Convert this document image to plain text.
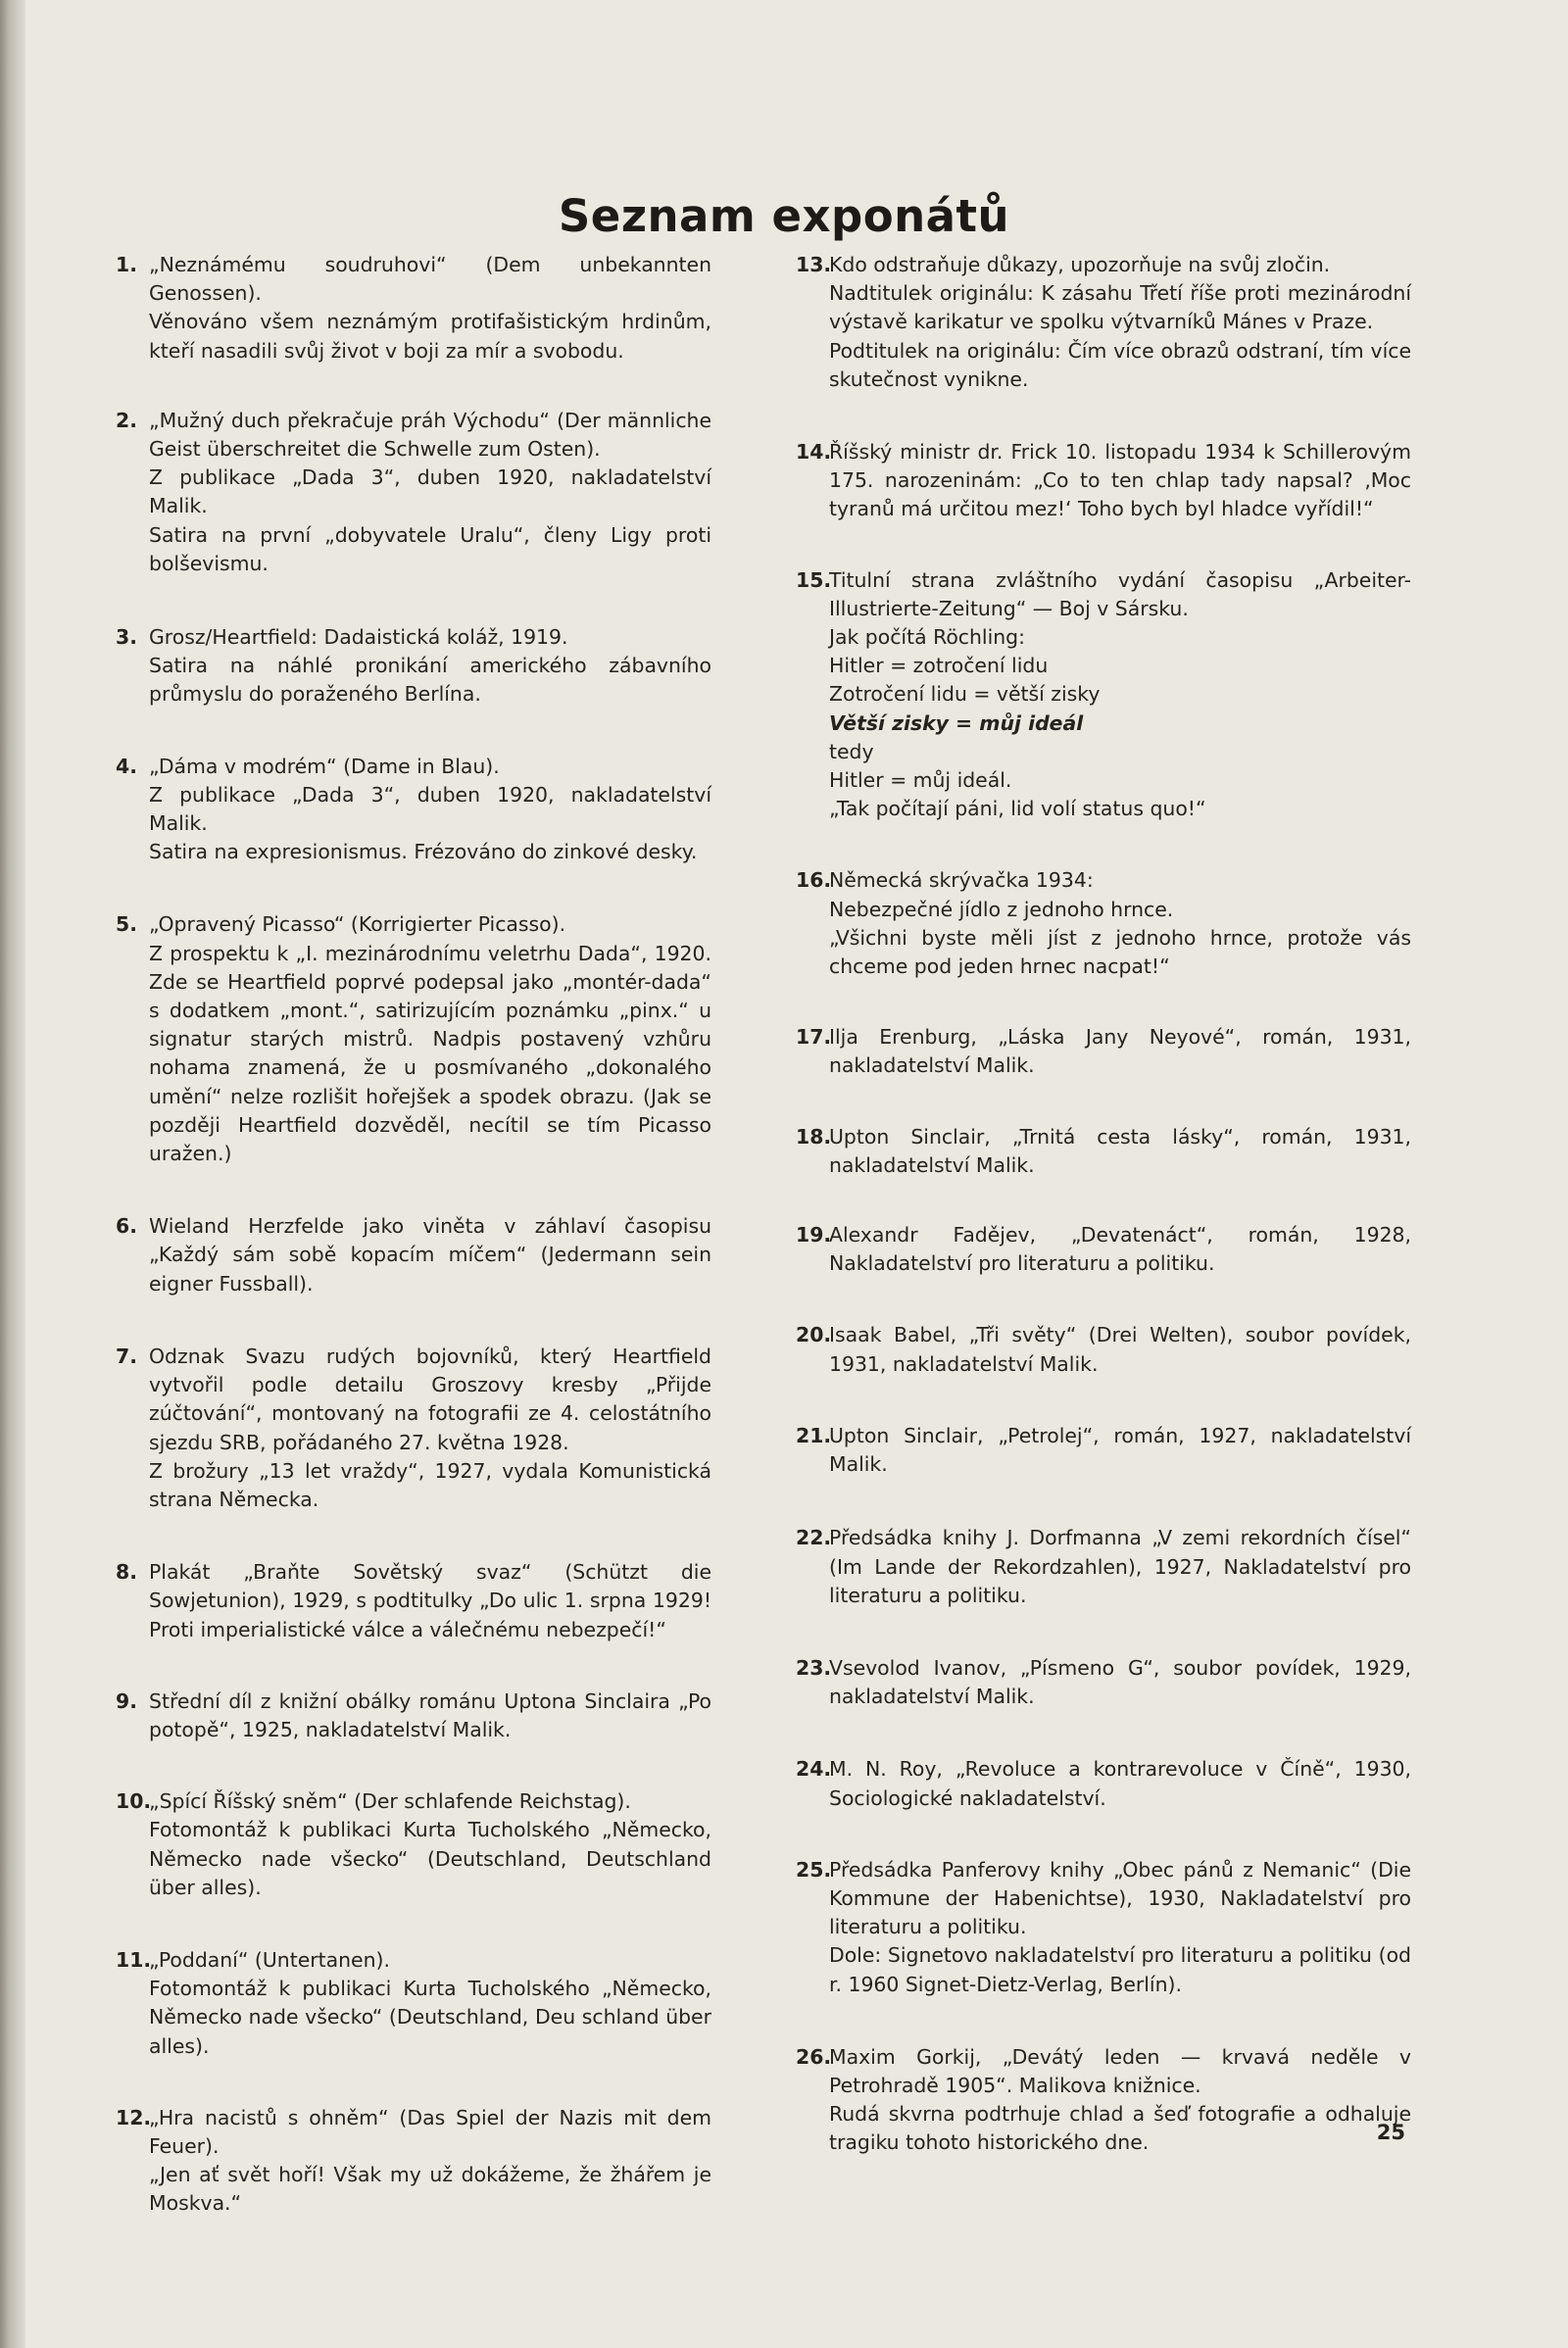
Seznam exponátů
1. „Neznámému soudruhovi“ (Dem unbekannten Genossen).
Věnováno všem neznámým protifašistickým hrdinům, kteří nasadili svůj život v boji za mír a svobodu.
2. „Mužný duch překračuje práh Východu“ (Der männliche Geist überschreitet die Schwelle zum Osten).
Z publikace „Dada 3“, duben 1920, nakladatelství Malik.
Satira na první „dobyvatele Uralu“, členy Ligy proti bolševismu.
3. Grosz/Heartfield: Dadaistická koláž, 1919.
Satira na náhlé pronikání amerického zábavního průmyslu do poraženého Berlína.
4. „Dáma v modrém“ (Dame in Blau).
Z publikace „Dada 3“, duben 1920, nakladatelství Malik.
Satira na expresionismus. Frézováno do zinkové desky.
5. „Opravený Picasso“ (Korrigierter Picasso).
Z prospektu k „I. mezinárodnímu veletrhu Dada“, 1920. Zde se Heartfield poprvé podepsal jako „montér-dada“ s dodatkem „mont.“, satirizujícím poznámku „pinx.“ u signatur starých mistrů. Nadpis postavený vzhůru nohama znamená, že u posmívaného „dokonalého umění“ nelze rozlišit hořejšek a spodek obrazu. (Jak se později Heartfield dozvěděl, necítil se tím Picasso uražen.)
6. Wieland Herzfelde jako viněta v záhlaví časopisu „Každý sám sobě kopacím míčem“ (Jedermann sein eigner Fussball).
7. Odznak Svazu rudých bojovníků, který Heartfield vytvořil podle detailu Groszovy kresby „Přijde zúčtování“, montovaný na fotografii ze 4. celostátního sjezdu SRB, pořádaného 27. května 1928.
Z brožury „13 let vraždy“, 1927, vydala Komunistická strana Německa.
8. Plakát „Braňte Sovětský svaz“ (Schützt die Sowjetunion), 1929, s podtitulky „Do ulic 1. srpna 1929! Proti imperialistické válce a válečnému nebezpečí!“
9. Střední díl z knižní obálky románu Uptona Sinclaira „Po potopě“, 1925, nakladatelství Malik.
10.
„Spící Říšský sněm“ (Der schlafende Reichstag).
Fotomontáž k publikaci Kurta Tucholského „Německo, Německo nade všecko“ (Deutschland, Deutschland über alles).
11.
„Poddaní“ (Untertanen).
Fotomontáž k publikaci Kurta Tucholského „Německo, Německo nade všecko“ (Deutschland, Deu schland über alles).
12.
„Hra nacistů s ohněm“ (Das Spiel der Nazis mit dem Feuer).
„Jen ať svět hoří! Však my už dokážeme, že žhářem je Moskva.“
13.
Kdo odstraňuje důkazy, upozorňuje na svůj zločin.
Nadtitulek originálu: K zásahu Třetí říše proti mezinárodní výstavě karikatur ve spolku výtvarníků Mánes v Praze.
Podtitulek na originálu: Čím více obrazů odstraní, tím více skutečnost vynikne.
14.
Říšský ministr dr. Frick 10. listopadu 1934 k Schillerovým 175. narozeninám: „Co to ten chlap tady napsal? ‚Moc tyranů má určitou mez!‘ Toho bych byl hladce vyřídil!“
15.
Titulní strana zvláštního vydání časopisu „Arbeiter-Illustrierte-Zeitung“ — Boj v Sársku.
Jak počítá Röchling:
Hitler = zotročení lidu
Zotročení lidu = větší zisky
Větší zisky = můj ideál
tedy
Hitler = můj ideál.
„Tak počítají páni, lid volí status quo!“
16.
Německá skrývačka 1934:
Nebezpečné jídlo z jednoho hrnce.
„Všichni byste měli jíst z jednoho hrnce, protože vás chceme pod jeden hrnec nacpat!“
17.
Ilja Erenburg, „Láska Jany Neyové“, román, 1931, nakladatelství Malik.
18.
Upton Sinclair, „Trnitá cesta lásky“, román, 1931, nakladatelství Malik.
19.
Alexandr Fadějev, „Devatenáct“, román, 1928, Nakladatelství pro literaturu a politiku.
20.
Isaak Babel, „Tři světy“ (Drei Welten), soubor povídek, 1931, nakladatelství Malik.
21.
Upton Sinclair, „Petrolej“, román, 1927, nakladatelství Malik.
22.
Předsádka knihy J. Dorfmanna „V zemi rekordních čísel“ (Im Lande der Rekordzahlen), 1927, Nakladatelství pro literaturu a politiku.
23.
Vsevolod Ivanov, „Písmeno G“, soubor povídek, 1929, nakladatelství Malik.
24.
M. N. Roy, „Revoluce a kontrarevoluce v Číně“, 1930, Sociologické nakladatelství.
25.
Předsádka Panferovy knihy „Obec pánů z Nemanic“ (Die Kommune der Habenichtse), 1930, Nakladatelství pro literaturu a politiku.
Dole: Signetovo nakladatelství pro literaturu a politiku (od r. 1960 Signet-Dietz-Verlag, Berlín).
26.
Maxim Gorkij, „Devátý leden — krvavá neděle v Petrohradě 1905“. Malikova knižnice.
Rudá skvrna podtrhuje chlad a šeď fotografie a odhaluje tragiku tohoto historického dne.	25
